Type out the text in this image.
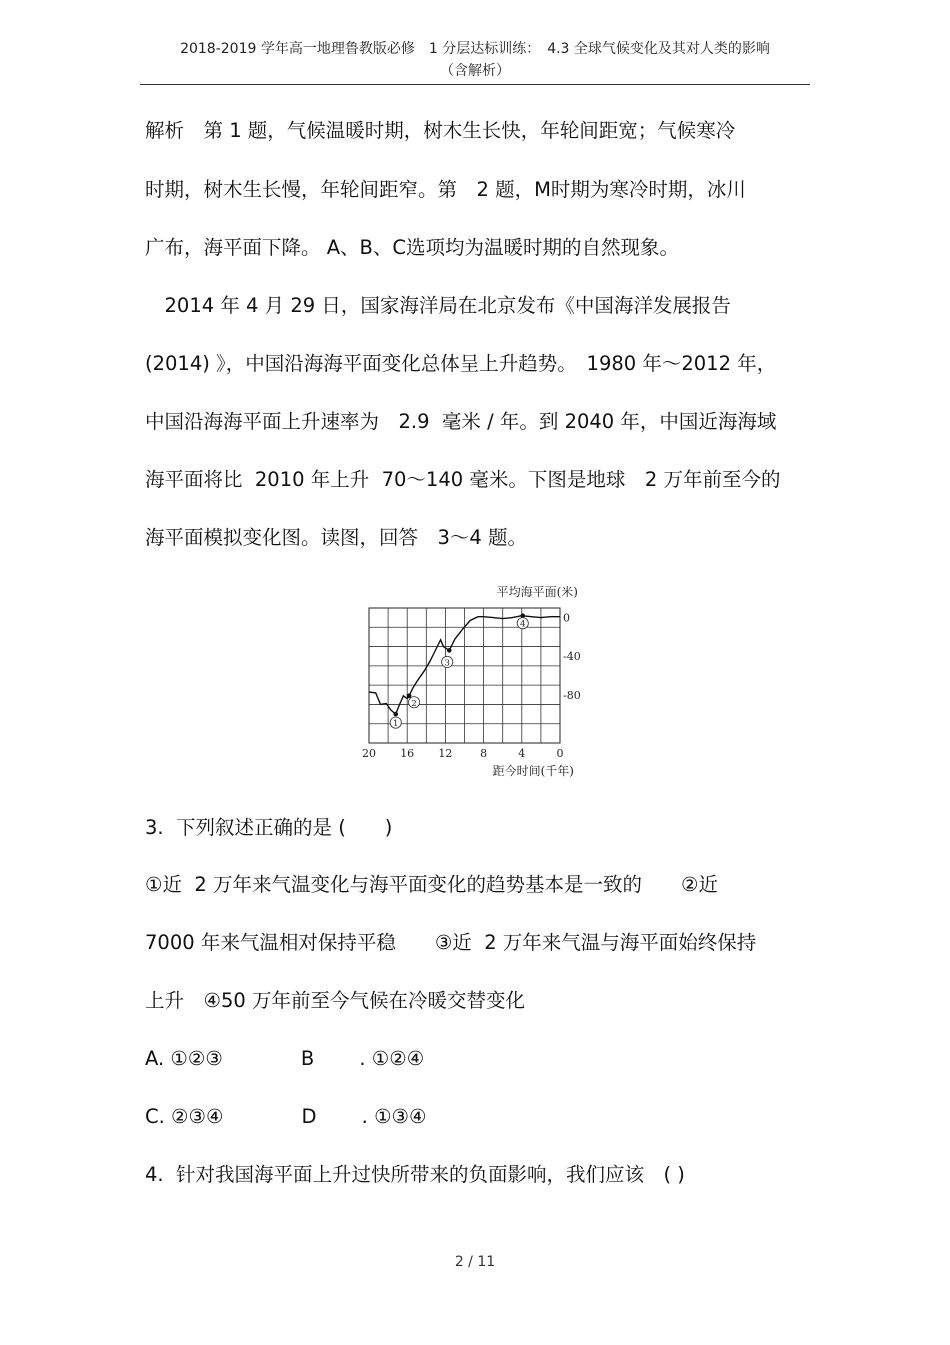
2018-2019 学年高一地理鲁教版必修　1 分层达标训练：　4.3 全球气候变化及其对人类的影响
（含解析）
解析　第 1 题，气候温暖时期，树木生长快，年轮间距宽；气候寒冷
时期，树木生长慢，年轮间距窄。第　2 题，M时期为寒冷时期，冰川
广布，海平面下降。 A、B、C选项均为温暖时期的自然现象。
　2014 年 4 月 29 日，国家海洋局在北京发布《中国海洋发展报告
(2014) 》，中国沿海海平面变化总体呈上升趋势。　1980 年～2012 年，
中国沿海海平面上升速率为　2.9  毫米 / 年。到 2040 年，中国近海海域
海平面将比  2010 年上升  70～140 毫米。下图是地球　2 万年前至今的
海平面模拟变化图。读图，回答　3～4 题。
1
2
3
4
0
-40
-80
20 16 12	8	4	0
平均海平面(米)
距今时间(千年)
3.  下列叙述正确的是 (　　)
①近  2 万年来气温变化与海平面变化的趋势基本是一致的　　②近
7000 年来气温相对保持平稳　　③近  2 万年来气温与海平面始终保持
上升　④50 万年前至今气候在冷暖交替变化
A. ①②③　　　　B　　 . ①②④
C. ②③④　　　　D　　 . ①③④
4.  针对我国海平面上升过快所带来的负面影响，我们应该　( )
2 / 11
